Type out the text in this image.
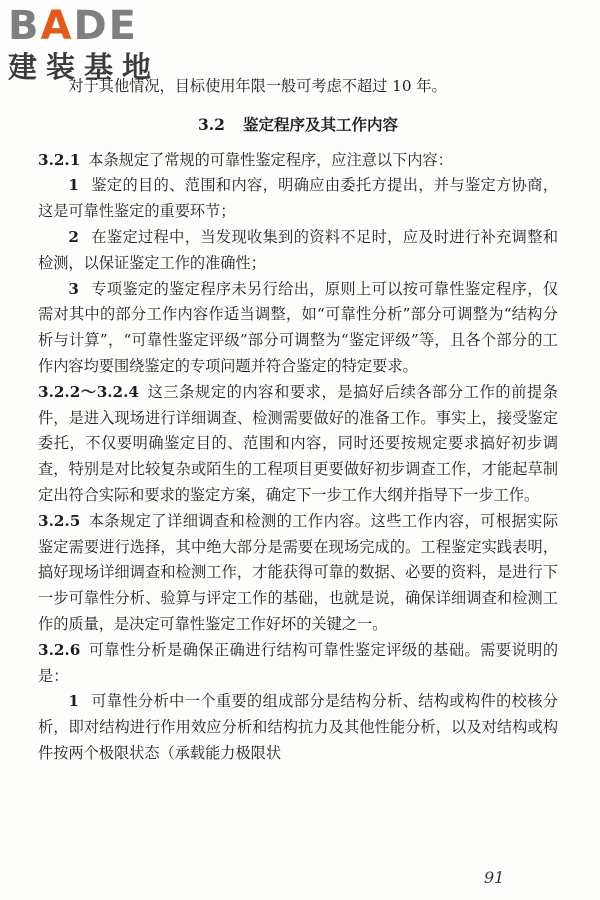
BADE
建装基地

对于其他情况，目标使用年限一般可考虑不超过 10 年。

3.2 鉴定程序及其工作内容

3.2.1 本条规定了常规的可靠性鉴定程序，应注意以下内容：

1 鉴定的目的、范围和内容，明确应由委托方提出，并与鉴定方协商，这是可靠性鉴定的重要环节；

2 在鉴定过程中，当发现收集到的资料不足时，应及时进行补充调整和检测，以保证鉴定工作的准确性；

3 专项鉴定的鉴定程序未另行给出，原则上可以按可靠性鉴定程序，仅需对其中的部分工作内容作适当调整，如“可靠性分析”部分可调整为“结构分析与计算”，“可靠性鉴定评级”部分可调整为“鉴定评级”等，且各个部分的工作内容均要围绕鉴定的专项问题并符合鉴定的特定要求。

3.2.2～3.2.4 这三条规定的内容和要求，是搞好后续各部分工作的前提条件，是进入现场进行详细调查、检测需要做好的准备工作。事实上，接受鉴定委托，不仅要明确鉴定目的、范围和内容，同时还要按规定要求搞好初步调查，特别是对比较复杂或陌生的工程项目更要做好初步调查工作，才能起草制定出符合实际和要求的鉴定方案，确定下一步工作大纲并指导下一步工作。

3.2.5 本条规定了详细调查和检测的工作内容。这些工作内容，可根据实际鉴定需要进行选择，其中绝大部分是需要在现场完成的。工程鉴定实践表明，搞好现场详细调查和检测工作，才能获得可靠的数据、必要的资料，是进行下一步可靠性分析、验算与评定工作的基础，也就是说，确保详细调查和检测工作的质量，是决定可靠性鉴定工作好坏的关键之一。

3.2.6 可靠性分析是确保正确进行结构可靠性鉴定评级的基础。需要说明的是：

1 可靠性分析中一个重要的组成部分是结构分析、结构或构件的校核分析，即对结构进行作用效应分析和结构抗力及其他性能分析，以及对结构或构件按两个极限状态（承载能力极限状

91
